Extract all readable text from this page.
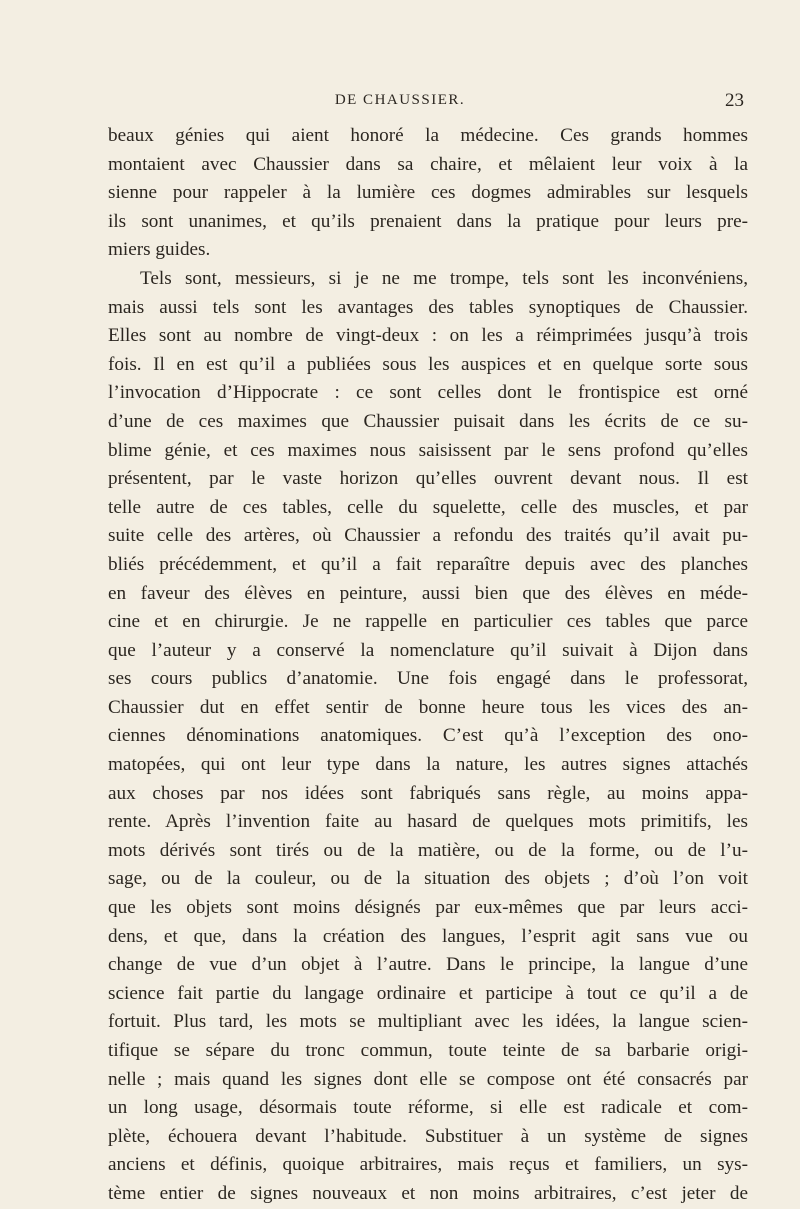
DE CHAUSSIER.	23
beaux génies qui aient honoré la médecine. Ces grands hommes
montaient avec Chaussier dans sa chaire, et mêlaient leur voix à la
sienne pour rappeler à la lumière ces dogmes admirables sur lesquels
ils sont unanimes, et qu’ils prenaient dans la pratique pour leurs pre-
miers guides.
Tels sont, messieurs, si je ne me trompe, tels sont les inconvéniens,
mais aussi tels sont les avantages des tables synoptiques de Chaussier.
Elles sont au nombre de vingt-deux : on les a réimprimées jusqu’à trois
fois. Il en est qu’il a publiées sous les auspices et en quelque sorte sous
l’invocation d’Hippocrate : ce sont celles dont le frontispice est orné
d’une de ces maximes que Chaussier puisait dans les écrits de ce su-
blime génie, et ces maximes nous saisissent par le sens profond qu’elles
présentent, par le vaste horizon qu’elles ouvrent devant nous. Il est
telle autre de ces tables, celle du squelette, celle des muscles, et par
suite celle des artères, où Chaussier a refondu des traités qu’il avait pu-
bliés précédemment, et qu’il a fait reparaître depuis avec des planches
en faveur des élèves en peinture, aussi bien que des élèves en méde-
cine et en chirurgie. Je ne rappelle en particulier ces tables que parce
que l’auteur y a conservé la nomenclature qu’il suivait à Dijon dans
ses cours publics d’anatomie. Une fois engagé dans le professorat,
Chaussier dut en effet sentir de bonne heure tous les vices des an-
ciennes dénominations anatomiques. C’est qu’à l’exception des ono-
matopées, qui ont leur type dans la nature, les autres signes attachés
aux choses par nos idées sont fabriqués sans règle, au moins appa-
rente. Après l’invention faite au hasard de quelques mots primitifs, les
mots dérivés sont tirés ou de la matière, ou de la forme, ou de l’u-
sage, ou de la couleur, ou de la situation des objets ; d’où l’on voit
que les objets sont moins désignés par eux-mêmes que par leurs acci-
dens, et que, dans la création des langues, l’esprit agit sans vue ou
change de vue d’un objet à l’autre. Dans le principe, la langue d’une
science fait partie du langage ordinaire et participe à tout ce qu’il a de
fortuit. Plus tard, les mots se multipliant avec les idées, la langue scien-
tifique se sépare du tronc commun, toute teinte de sa barbarie origi-
nelle ; mais quand les signes dont elle se compose ont été consacrés par
un long usage, désormais toute réforme, si elle est radicale et com-
plète, échouera devant l’habitude. Substituer à un système de signes
anciens et définis, quoique arbitraires, mais reçus et familiers, un sys-
tème entier de signes nouveaux et non moins arbitraires, c’est jeter de
